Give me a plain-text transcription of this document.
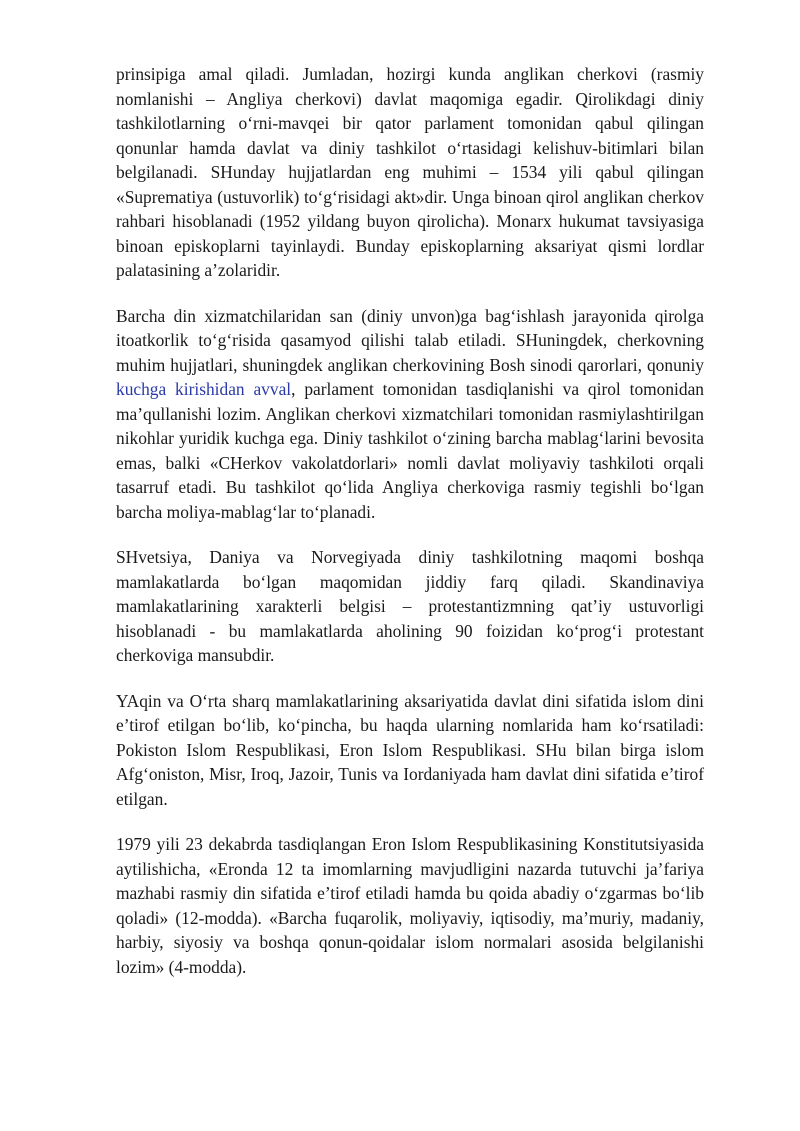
prinsipiga amal qiladi. Jumladan, hozirgi kunda anglikan cherkovi (rasmiy nomlanishi – Angliya cherkovi) davlat maqomiga egadir. Qirolikdagi diniy tashkilotlarning o‘rni-mavqei bir qator parlament tomonidan qabul qilingan qonunlar hamda davlat va diniy tashkilot o‘rtasidagi kelishuv-bitimlari bilan belgilanadi. SHunday hujjatlardan eng muhimi – 1534 yili qabul qilingan «Suprematiya (ustuvorlik) to‘g‘risidagi akt»dir. Unga binoan qirol anglikan cherkov rahbari hisoblanadi (1952 yildang buyon qirolicha). Monarx hukumat tavsiyasiga binoan episkoplarni tayinlaydi. Bunday episkoplarning aksariyat qismi lordlar palatasining a’zolaridir.

Barcha din xizmatchilaridan san (diniy unvon)ga bag‘ishlash jarayonida qirolga itoatkorlik to‘g‘risida qasamyod qilishi talab etiladi. SHuningdek, cherkovning muhim hujjatlari, shuningdek anglikan cherkovining Bosh sinodi qarorlari, qonuniy kuchga kirishidan avval, parlament tomonidan tasdiqlanishi va qirol tomonidan ma’qullanishi lozim. Anglikan cherkovi xizmatchilari tomonidan rasmiylashtirilgan nikohlar yuridik kuchga ega. Diniy tashkilot o‘zining barcha mablag‘larini bevosita emas, balki «CHerkov vakolatdorlari» nomli davlat moliyaviy tashkiloti orqali tasarruf etadi. Bu tashkilot qo‘lida Angliya cherkoviga rasmiy tegishli bo‘lgan barcha moliya-mablag‘lar to‘planadi.

SHvetsiya, Daniya va Norvegiyada diniy tashkilotning maqomi boshqa mamlakatlarda bo‘lgan maqomidan jiddiy farq qiladi. Skandinaviya mamlakatlarining xarakterli belgisi – protestantizmning qat’iy ustuvorligi hisoblanadi - bu mamlakatlarda aholining 90 foizidan ko‘prog‘i protestant cherkoviga mansubdir.

YAqin va O‘rta sharq mamlakatlarining aksariyatida davlat dini sifatida islom dini e’tirof etilgan bo‘lib, ko‘pincha, bu haqda ularning nomlarida ham ko‘rsatiladi: Pokiston Islom Respublikasi, Eron Islom Respublikasi. SHu bilan birga islom Afg‘oniston, Misr, Iroq, Jazoir, Tunis va Iordaniyada ham davlat dini sifatida e’tirof etilgan.

1979 yili 23 dekabrda tasdiqlangan Eron Islom Respublikasining Konstitutsiyasida aytilishicha, «Eronda 12 ta imomlarning mavjudligini nazarda tutuvchi ja’fariya mazhabi rasmiy din sifatida e’tirof etiladi hamda bu qoida abadiy o‘zgarmas bo‘lib qoladi» (12-modda). «Barcha fuqarolik, moliyaviy, iqtisodiy, ma’muriy, madaniy, harbiy, siyosiy va boshqa qonun-qoidalar islom normalari asosida belgilanishi lozim» (4-modda).
